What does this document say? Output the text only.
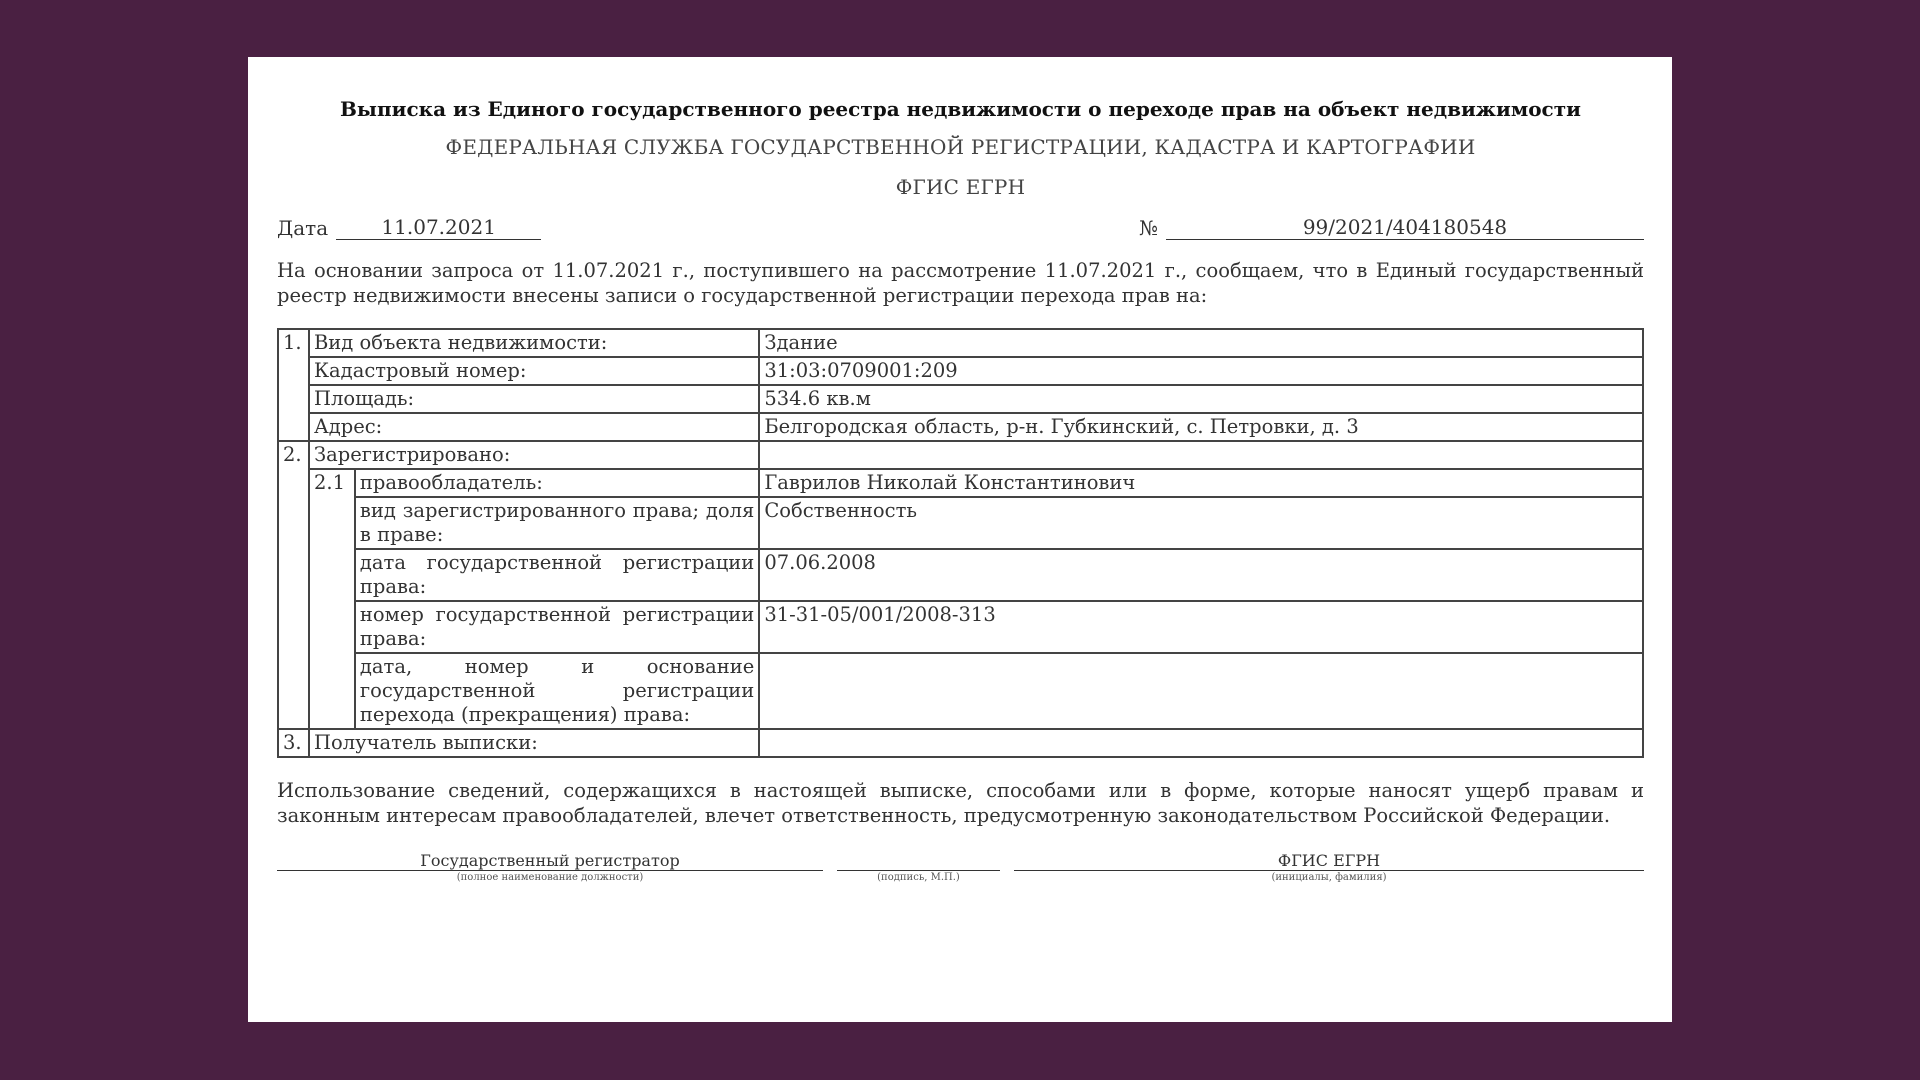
Выписка из Единого государственного реестра недвижимости о переходе прав на объект недвижимости
ФЕДЕРАЛЬНАЯ СЛУЖБА ГОСУДАРСТВЕННОЙ РЕГИСТРАЦИИ, КАДАСТРА И КАРТОГРАФИИ
ФГИС ЕГРН
Дата	11.07.2021	№	99/2021/404180548

На основании запроса от 11.07.2021 г., поступившего на рассмотрение 11.07.2021 г., сообщаем, что в Единый государственный реестр недвижимости внесены записи о государственной регистрации перехода прав на:

1.	Вид объекта недвижимости:		Здание
	Кадастровый номер:		31:03:0709001:209
	Площадь:		534.6 кв.м
	Адрес:		Белгородская область, р-н. Губкинский, с. Петровки, д. 3
2.	Зарегистрировано:		
	2.1	правообладатель:	Гаврилов Николай Константинович
		вид зарегистрированного права; доля в праве:	Собственность
		дата государственной регистрации права:	07.06.2008
		номер государственной регистрации права:	31-31-05/001/2008-313
		дата, номер и основание государственной регистрации перехода (прекращения) права:	
3.	Получатель выписки:		

Использование сведений, содержащихся в настоящей выписке, способами или в форме, которые наносят ущерб правам и законным интересам правообладателей, влечет ответственность, предусмотренную законодательством Российской Федерации.

Государственный регистратор
(полное наименование должности)	(подпись, М.П.)
ФГИС ЕГРН
(инициалы, фамилия)
